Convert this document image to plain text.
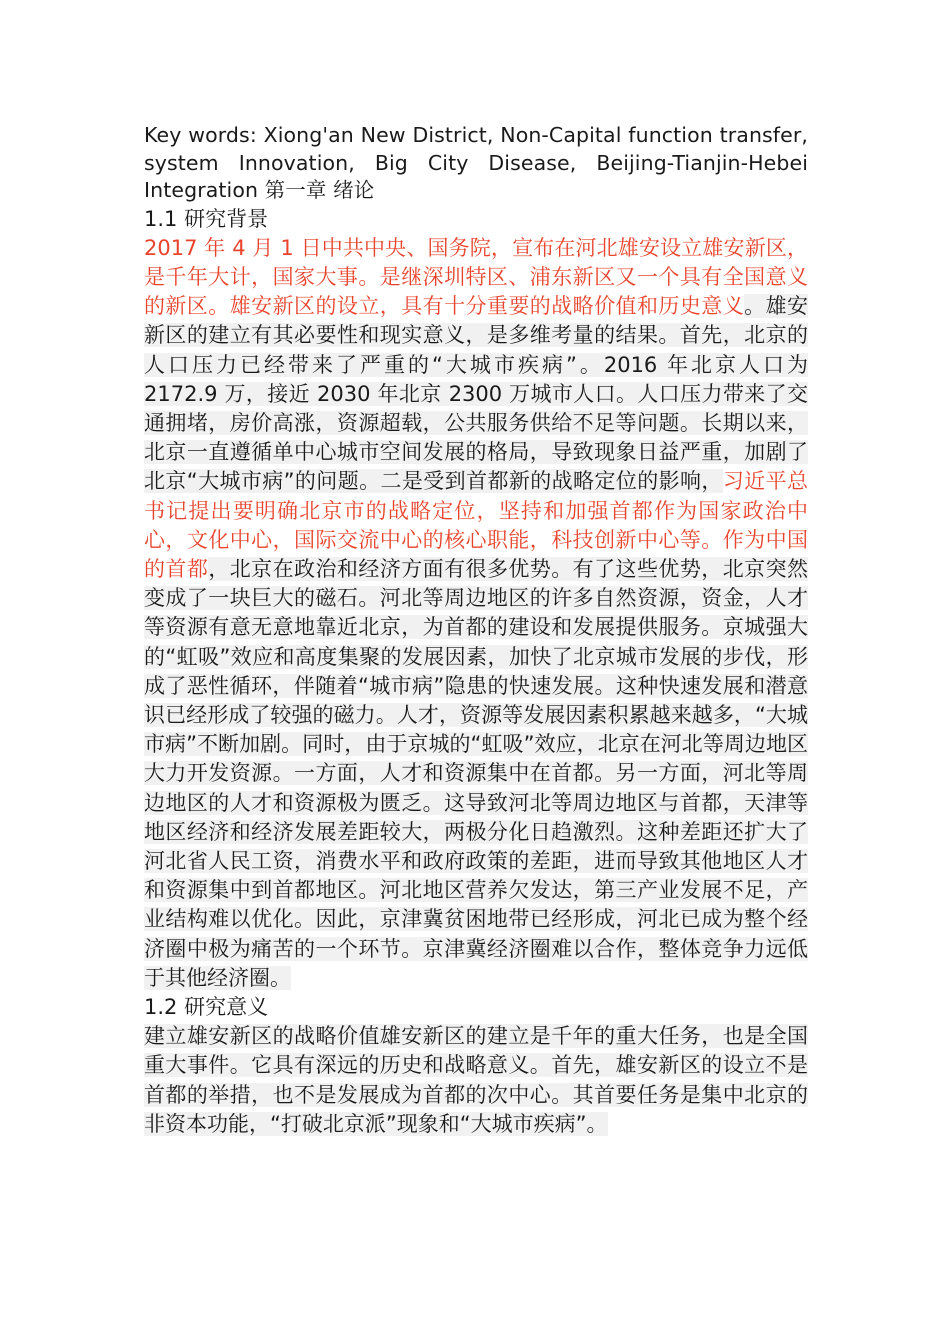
Key words: Xiong'an New District, Non-Capital function transfer, system Innovation, Big City Disease, Beijing-Tianjin-Hebei Integration 第一章 绪论

1.1 研究背景

2017 年 4 月 1 日中共中央、国务院，宣布在河北雄安设立雄安新区，是千年大计，国家大事。是继深圳特区、浦东新区又一个具有全国意义的新区。雄安新区的设立，具有十分重要的战略价值和历史意义。雄安新区的建立有其必要性和现实意义，是多维考量的结果。首先，北京的人口压力已经带来了严重的“大城市疾病”。2016 年北京人口为 2172.9 万，接近 2030 年北京 2300 万城市人口。人口压力带来了交通拥堵，房价高涨，资源超载，公共服务供给不足等问题。长期以来，北京一直遵循单中心城市空间发展的格局，导致现象日益严重，加剧了北京“大城市病”的问题。二是受到首都新的战略定位的影响，习近平总书记提出要明确北京市的战略定位，坚持和加强首都作为国家政治中心，文化中心，国际交流中心的核心职能，科技创新中心等。作为中国的首都，北京在政治和经济方面有很多优势。有了这些优势，北京突然变成了一块巨大的磁石。河北等周边地区的许多自然资源，资金，人才等资源有意无意地靠近北京，为首都的建设和发展提供服务。京城强大的“虹吸”效应和高度集聚的发展因素，加快了北京城市发展的步伐，形成了恶性循环，伴随着“城市病”隐患的快速发展。这种快速发展和潜意识已经形成了较强的磁力。人才，资源等发展因素积累越来越多，“大城市病”不断加剧。同时，由于京城的“虹吸”效应，北京在河北等周边地区大力开发资源。一方面，人才和资源集中在首都。另一方面，河北等周边地区的人才和资源极为匮乏。这导致河北等周边地区与首都，天津等地区经济和经济发展差距较大，两极分化日趋激烈。这种差距还扩大了河北省人民工资，消费水平和政府政策的差距，进而导致其他地区人才和资源集中到首都地区。河北地区营养欠发达，第三产业发展不足，产业结构难以优化。因此，京津冀贫困地带已经形成，河北已成为整个经济圈中极为痛苦的一个环节。京津冀经济圈难以合作，整体竞争力远低于其他经济圈。

1.2 研究意义

建立雄安新区的战略价值雄安新区的建立是千年的重大任务，也是全国重大事件。它具有深远的历史和战略意义。首先，雄安新区的设立不是首都的举措，也不是发展成为首都的次中心。其首要任务是集中北京的非资本功能，“打破北京派”现象和“大城市疾病”。
